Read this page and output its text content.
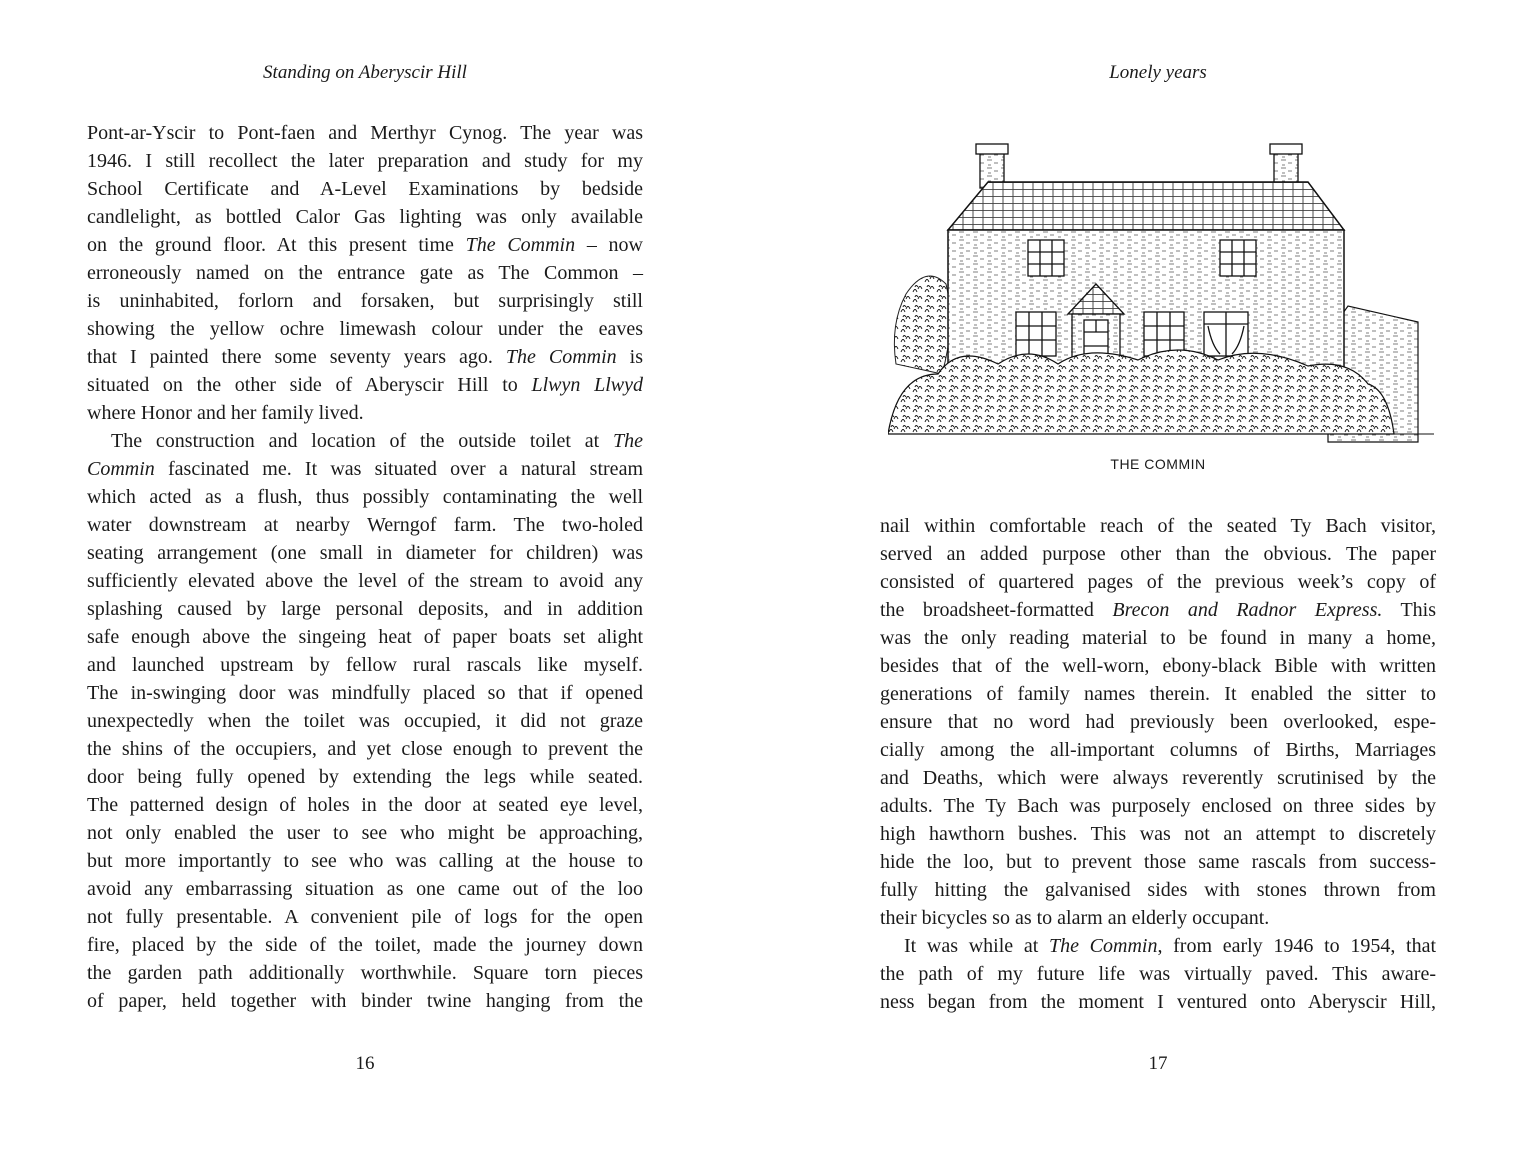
Standing on Aberyscir Hill
Pont-ar-Yscir to Pont-faen and Merthyr Cynog. The year was
1946. I still recollect the later preparation and study for my
School Certificate and A-Level Examinations by bedside
candlelight, as bottled Calor Gas lighting was only available
on the ground floor. At this present time The Commin – now
erroneously named on the entrance gate as The Common –
is uninhabited, forlorn and forsaken, but surprisingly still
showing the yellow ochre limewash colour under the eaves
that I painted there some seventy years ago. The Commin is
situated on the other side of Aberyscir Hill to Llwyn Llwyd
where Honor and her family lived.
The construction and location of the outside toilet at The
Commin fascinated me. It was situated over a natural stream
which acted as a flush, thus possibly contaminating the well
water downstream at nearby Werngof farm. The two-holed
seating arrangement (one small in diameter for children) was
sufficiently elevated above the level of the stream to avoid any
splashing caused by large personal deposits, and in addition
safe enough above the singeing heat of paper boats set alight
and launched upstream by fellow rural rascals like myself.
The in-swinging door was mindfully placed so that if opened
unexpectedly when the toilet was occupied, it did not graze
the shins of the occupiers, and yet close enough to prevent the
door being fully opened by extending the legs while seated.
The patterned design of holes in the door at seated eye level,
not only enabled the user to see who might be approaching,
but more importantly to see who was calling at the house to
avoid any embarrassing situation as one came out of the loo
not fully presentable. A convenient pile of logs for the open
fire, placed by the side of the toilet, made the journey down
the garden path additionally worthwhile. Square torn pieces
of paper, held together with binder twine hanging from the
16
Lonely years
THE COMMIN
nail within comfortable reach of the seated Ty Bach visitor,
served an added purpose other than the obvious. The paper
consisted of quartered pages of the previous week’s copy of
the broadsheet-formatted Brecon and Radnor Express. This
was the only reading material to be found in many a home,
besides that of the well-worn, ebony-black Bible with written
generations of family names therein. It enabled the sitter to
ensure that no word had previously been overlooked, espe-
cially among the all-important columns of Births, Marriages
and Deaths, which were always reverently scrutinised by the
adults. The Ty Bach was purposely enclosed on three sides by
high hawthorn bushes. This was not an attempt to discretely
hide the loo, but to prevent those same rascals from success-
fully hitting the galvanised sides with stones thrown from
their bicycles so as to alarm an elderly occupant.
It was while at The Commin, from early 1946 to 1954, that
the path of my future life was virtually paved. This aware-
ness began from the moment I ventured onto Aberyscir Hill,
17
